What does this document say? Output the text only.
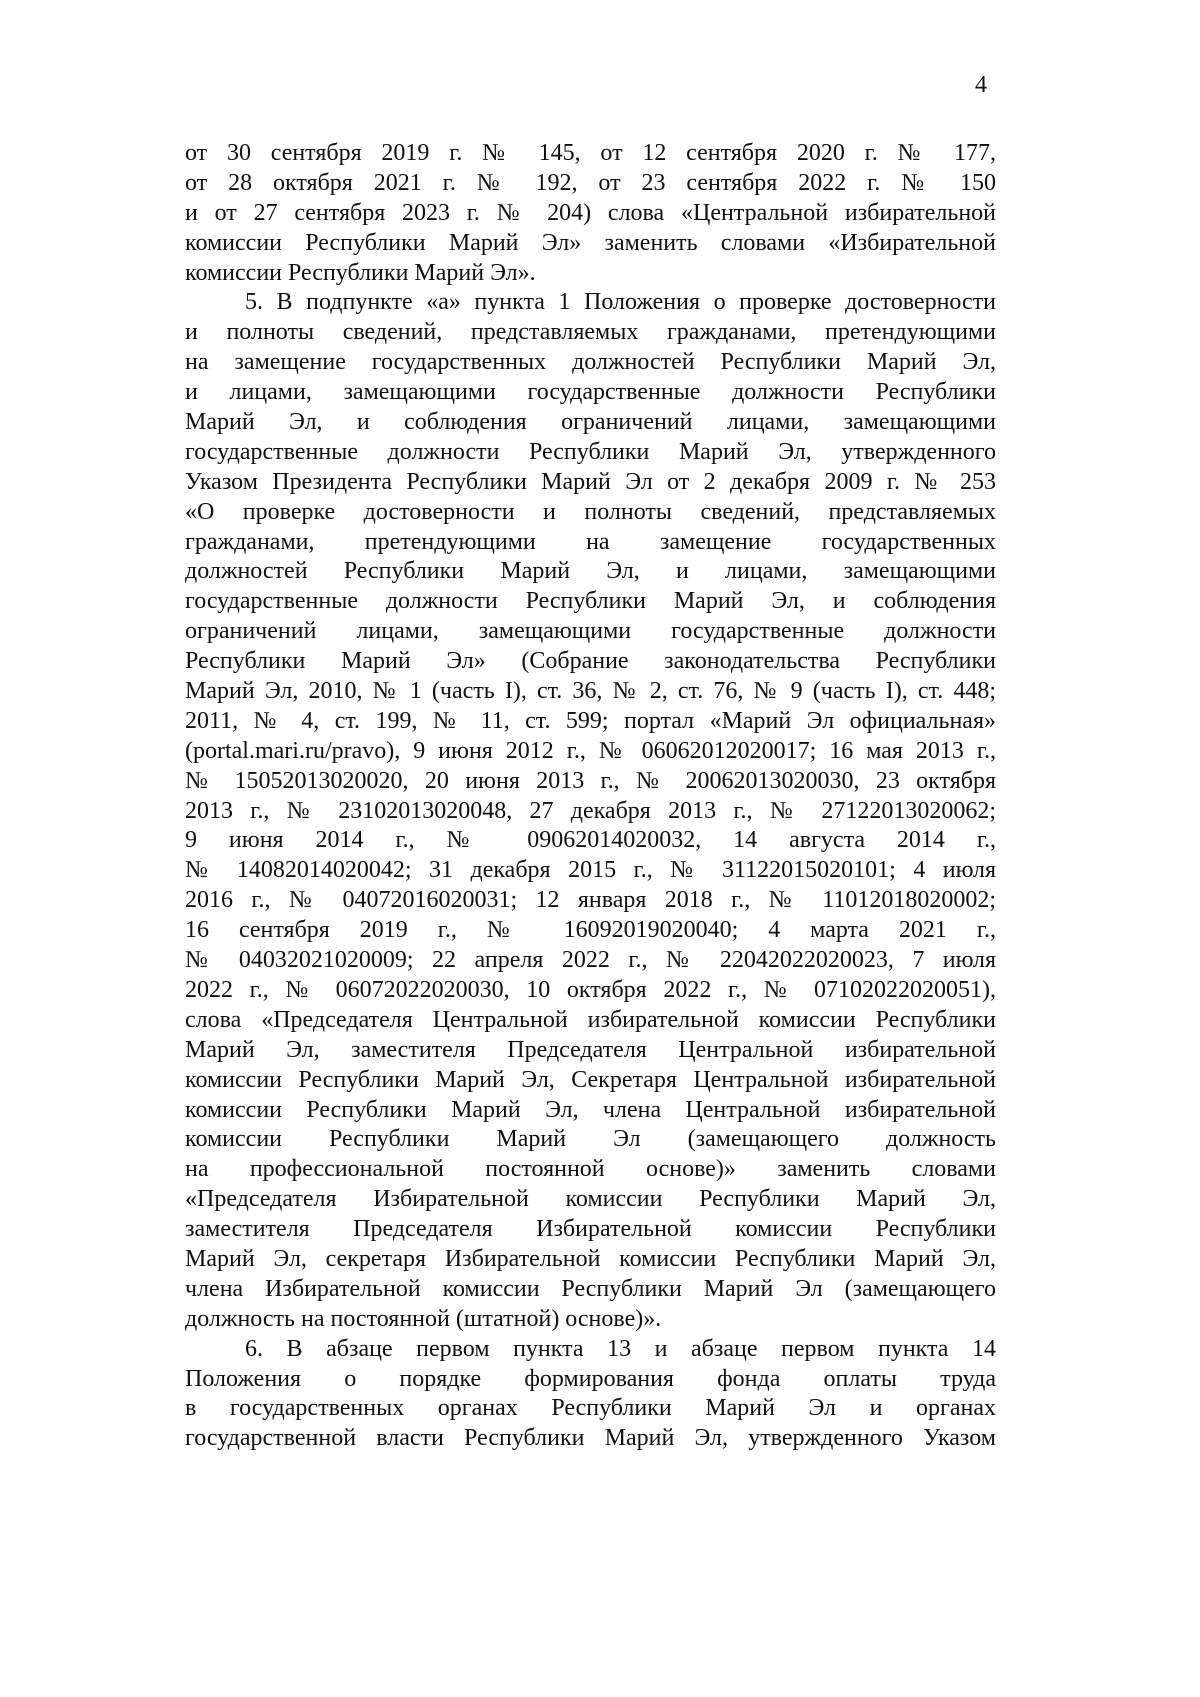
4
от 30 сентября 2019 г. № 145, от 12 сентября 2020 г. № 177,
от 28 октября 2021 г. № 192, от 23 сентября 2022 г. № 150
и от 27 сентября 2023 г. № 204) слова «Центральной избирательной
комиссии Республики Марий Эл» заменить словами «Избирательной
комиссии Республики Марий Эл».
5. В подпункте «а» пункта 1 Положения о проверке достоверности
и полноты сведений, представляемых гражданами, претендующими
на замещение государственных должностей Республики Марий Эл,
и лицами, замещающими государственные должности Республики
Марий Эл, и соблюдения ограничений лицами, замещающими
государственные должности Республики Марий Эл, утвержденного
Указом Президента Республики Марий Эл от 2 декабря 2009 г. № 253
«О проверке достоверности и полноты сведений, представляемых
гражданами, претендующими на замещение государственных
должностей Республики Марий Эл, и лицами, замещающими
государственные должности Республики Марий Эл, и соблюдения
ограничений лицами, замещающими государственные должности
Республики Марий Эл» (Собрание законодательства Республики
Марий Эл, 2010, № 1 (часть I), ст. 36, № 2, ст. 76, № 9 (часть I), ст. 448;
2011, № 4, ст. 199, № 11, ст. 599; портал «Марий Эл официальная»
(portal.mari.ru/pravo), 9 июня 2012 г., № 06062012020017; 16 мая 2013 г.,
№ 15052013020020, 20 июня 2013 г., № 20062013020030, 23 октября
2013 г., № 23102013020048, 27 декабря 2013 г., № 27122013020062;
9 июня 2014 г., № 09062014020032, 14 августа 2014 г.,
№ 14082014020042; 31 декабря 2015 г., № 31122015020101; 4 июля
2016 г., № 04072016020031; 12 января 2018 г., № 11012018020002;
16 сентября 2019 г., № 16092019020040; 4 марта 2021 г.,
№ 04032021020009; 22 апреля 2022 г., № 22042022020023, 7 июля
2022 г., № 06072022020030, 10 октября 2022 г., № 07102022020051),
слова «Председателя Центральной избирательной комиссии Республики
Марий Эл, заместителя Председателя Центральной избирательной
комиссии Республики Марий Эл, Секретаря Центральной избирательной
комиссии Республики Марий Эл, члена Центральной избирательной
комиссии Республики Марий Эл (замещающего должность
на профессиональной постоянной основе)» заменить словами
«Председателя Избирательной комиссии Республики Марий Эл,
заместителя Председателя Избирательной комиссии Республики
Марий Эл, секретаря Избирательной комиссии Республики Марий Эл,
члена Избирательной комиссии Республики Марий Эл (замещающего
должность на постоянной (штатной) основе)».
6. В абзаце первом пункта 13 и абзаце первом пункта 14
Положения о порядке формирования фонда оплаты труда
в государственных органах Республики Марий Эл и органах
государственной власти Республики Марий Эл, утвержденного Указом
